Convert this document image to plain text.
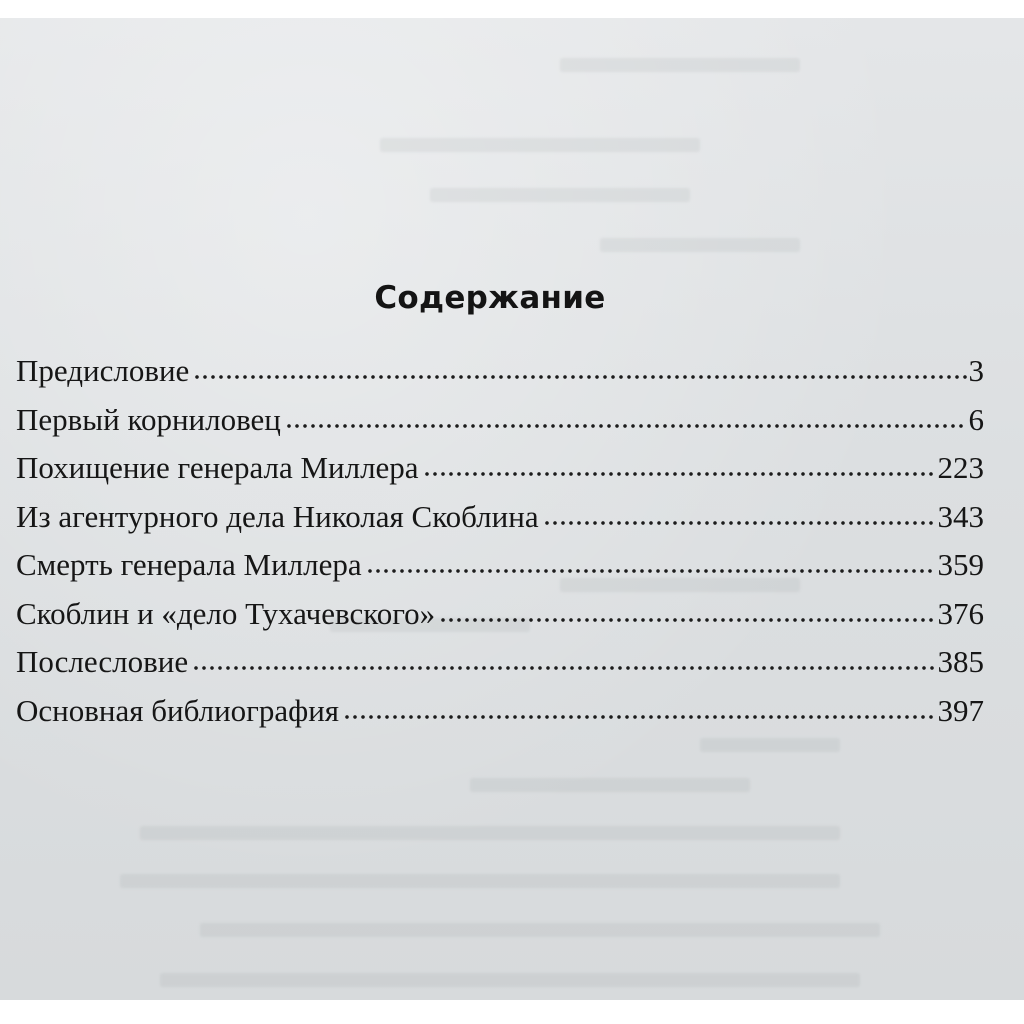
Содержание
Предисловие	3
Первый корниловец	6
Похищение генерала Миллера	223
Из агентурного дела Николая Скоблина	343
Смерть генерала Миллера	359
Скоблин и «дело Тухачевского»	376
Послесловие	385
Основная библиография	397
